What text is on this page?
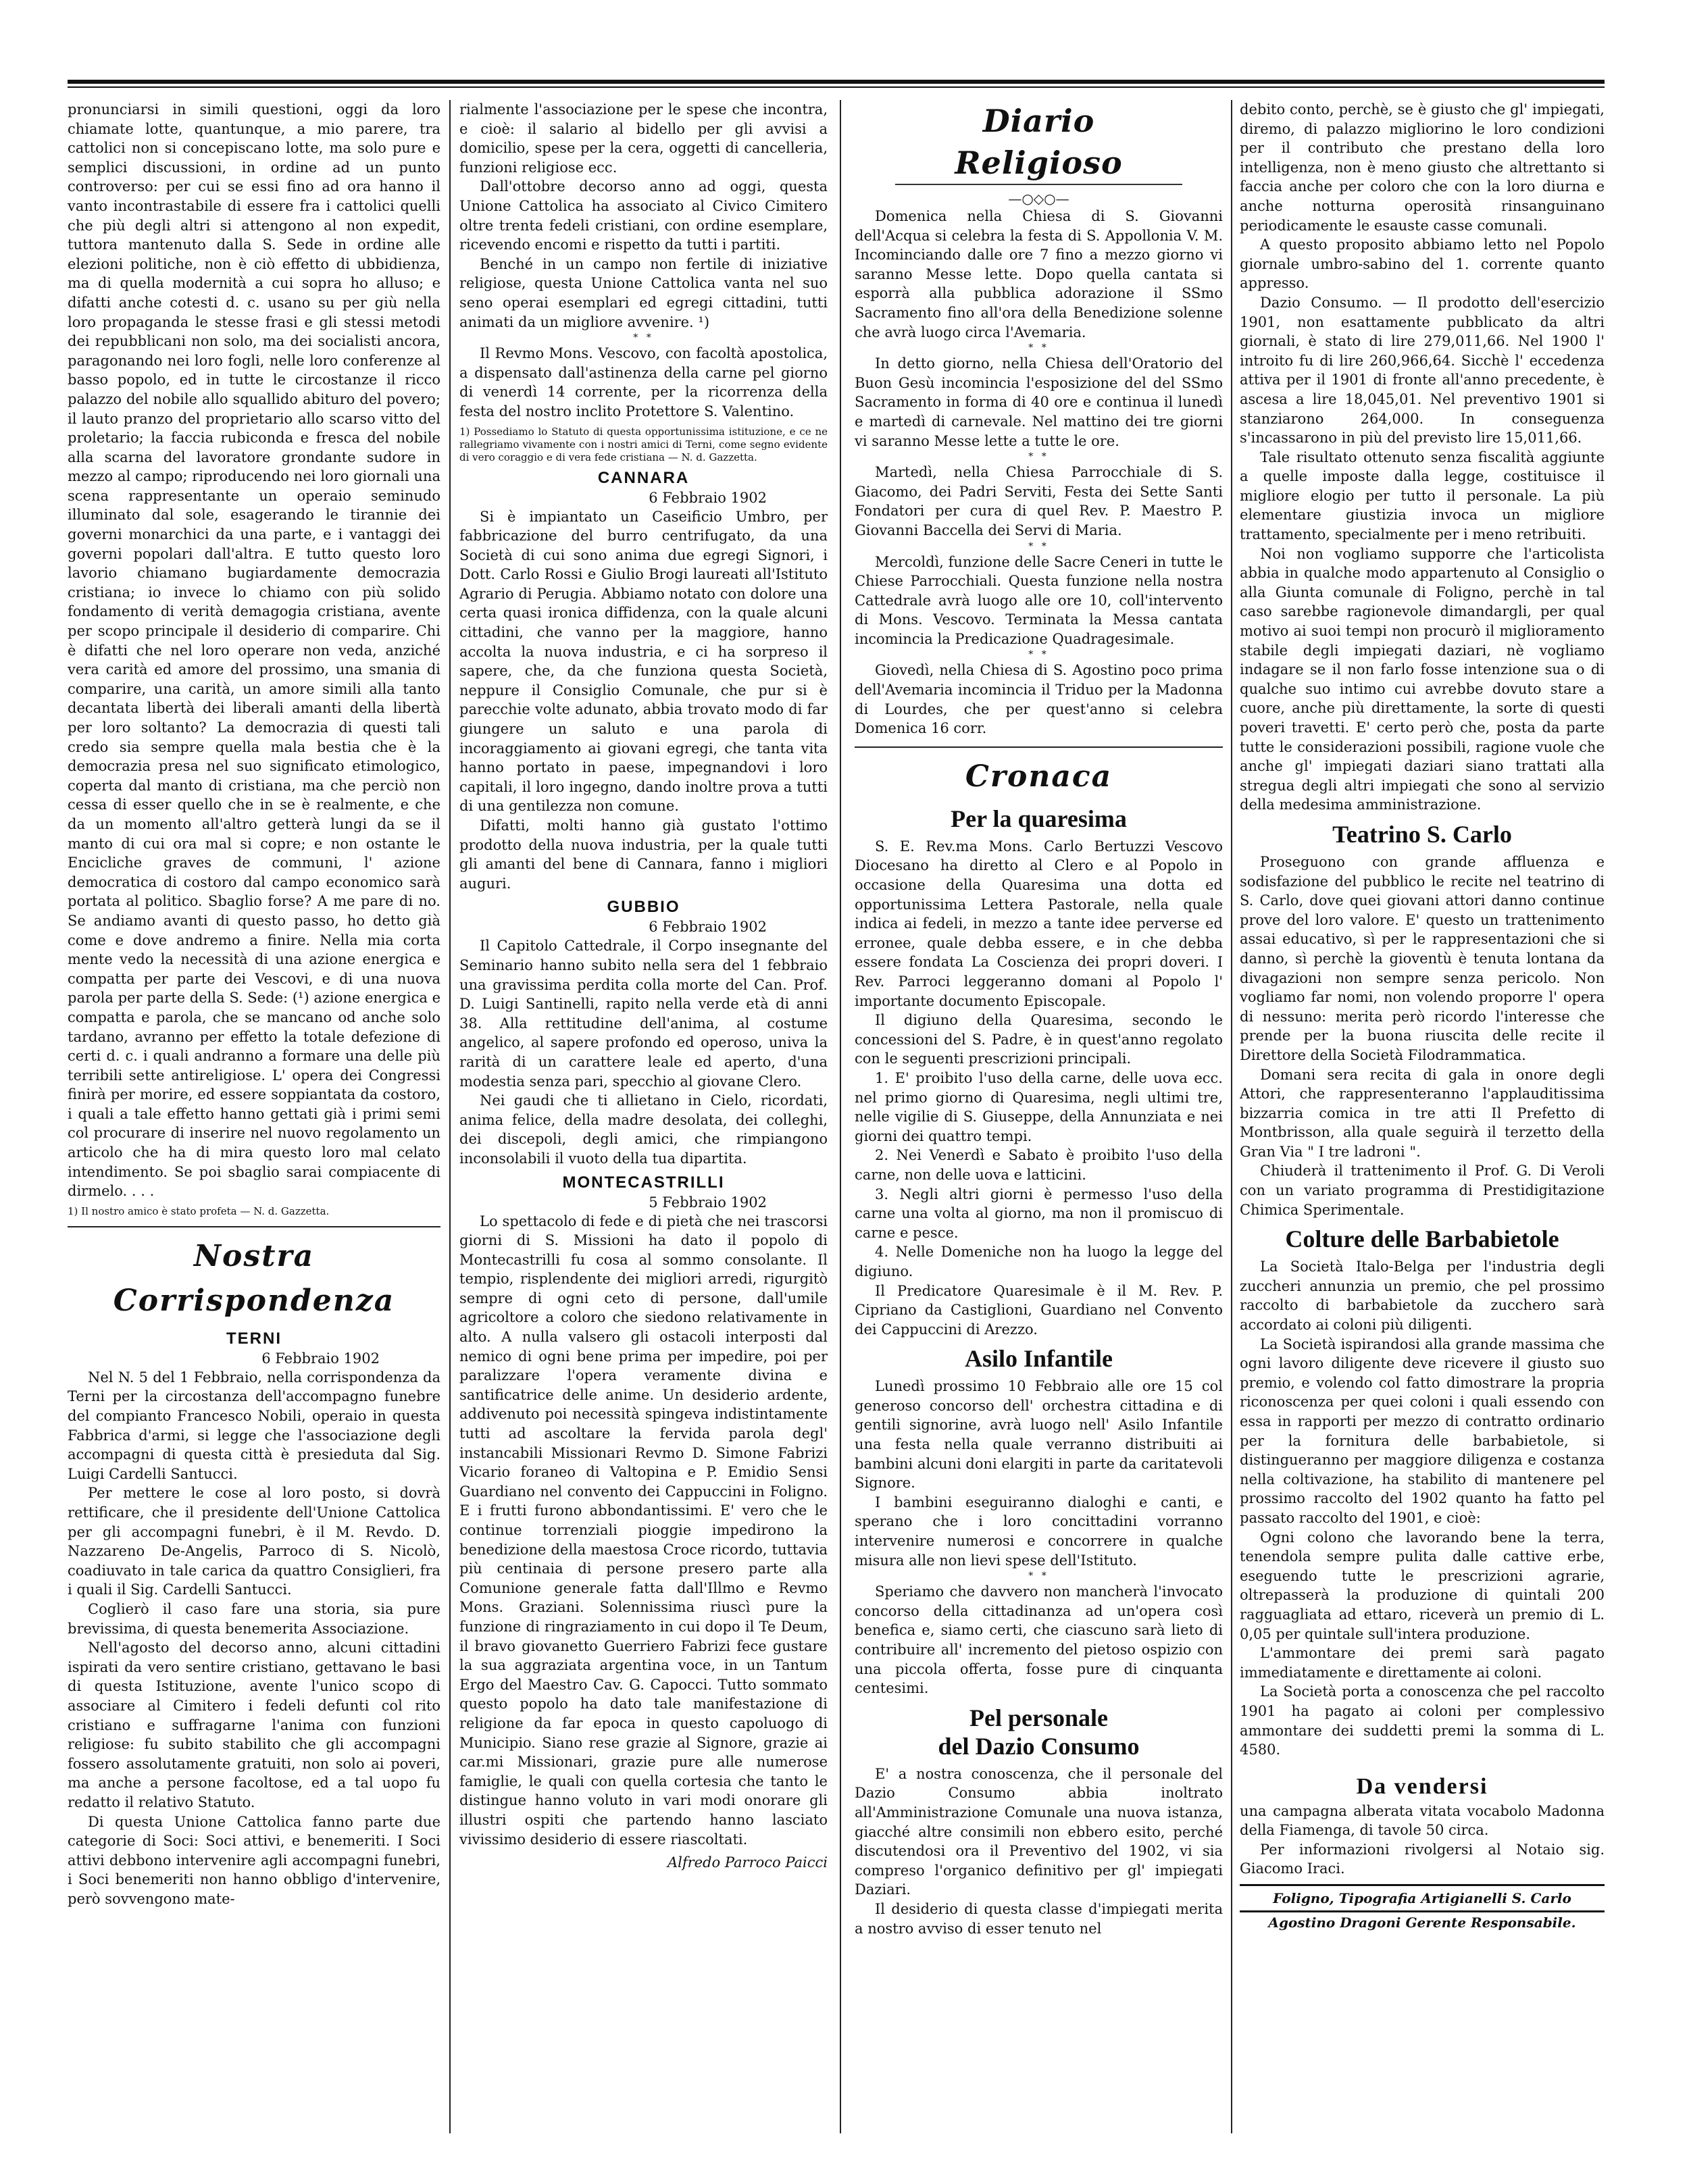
pronunciarsi in simili questioni, oggi da loro chiamate lotte, quantunque, a mio parere, tra cattolici non si concepiscano lotte, ma solo pure e semplici discussioni, in ordine ad un punto controverso: per cui se essi fino ad ora hanno il vanto incontrastabile di essere fra i cattolici quelli che più degli altri si attengono al non expedit, tuttora mantenuto dalla S. Sede in ordine alle elezioni politiche, non è ciò effetto di ubbidienza, ma di quella modernità a cui sopra ho alluso; e difatti anche cotesti d. c. usano su per giù nella loro propaganda le stesse frasi e gli stessi metodi dei repubblicani non solo, ma dei socialisti ancora, paragonando nei loro fogli, nelle loro conferenze al basso popolo, ed in tutte le circostanze il ricco palazzo del nobile allo squallido abituro del povero; il lauto pranzo del proprietario allo scarso vitto del proletario; la faccia rubiconda e fresca del nobile alla scarna del lavoratore grondante sudore in mezzo al campo; riproducendo nei loro giornali una scena rappresentante un operaio seminudo illuminato dal sole, esagerando le tirannie dei governi monarchici da una parte, e i vantaggi dei governi popolari dall'altra. E tutto questo loro lavorio chiamano bugiardamente democrazia cristiana; io invece lo chiamo con più solido fondamento di verità demagogia cristiana, avente per scopo principale il desiderio di comparire. Chi è difatti che nel loro operare non veda, anziché vera carità ed amore del prossimo, una smania di comparire, una carità, un amore simili alla tanto decantata libertà dei liberali amanti della libertà per loro soltanto? La democrazia di questi tali credo sia sempre quella mala bestia che è la democrazia presa nel suo significato etimologico, coperta dal manto di cristiana, ma che perciò non cessa di esser quello che in se è realmente, e che da un momento all'altro getterà lungi da se il manto di cui ora mal si copre; e non ostante le Encicliche graves de communi, l' azione democratica di costoro dal campo economico sarà portata al politico. Sbaglio forse? A me pare di no. Se andiamo avanti di questo passo, ho detto già come e dove andremo a finire. Nella mia corta mente vedo la necessità di una azione energica e compatta per parte dei Vescovi, e di una nuova parola per parte della S. Sede: (¹) azione energica e compatta e parola, che se mancano od anche solo tardano, avranno per effetto la totale defezione di certi d. c. i quali andranno a formare una delle più terribili sette antireligiose. L' opera dei Congressi finirà per morire, ed essere soppiantata da costoro, i quali a tale effetto hanno gettati già i primi semi col procurare di inserire nel nuovo regolamento un articolo che ha di mira questo loro mal celato intendimento. Se poi sbaglio sarai compiacente di dirmelo. . . .

1) Il nostro amico è stato profeta — N. d. Gazzetta.

Nostra Corrispondenza
TERNI
6 Febbraio 1902

Nel N. 5 del 1 Febbraio, nella corrispondenza da Terni per la circostanza dell'accompagno funebre del compianto Francesco Nobili, operaio in questa Fabbrica d'armi, si legge che l'associazione degli accompagni di questa città è presieduta dal Sig. Luigi Cardelli Santucci.

Per mettere le cose al loro posto, si dovrà rettificare, che il presidente dell'Unione Cattolica per gli accompagni funebri, è il M. Revdo. D. Nazzareno De-Angelis, Parroco di S. Nicolò, coadiuvato in tale carica da quattro Consiglieri, fra i quali il Sig. Cardelli Santucci.

Coglierò il caso fare una storia, sia pure brevissima, di questa benemerita Associazione.

Nell'agosto del decorso anno, alcuni cittadini ispirati da vero sentire cristiano, gettavano le basi di questa Istituzione, avente l'unico scopo di associare al Cimitero i fedeli defunti col rito cristiano e suffragarne l'anima con funzioni religiose: fu subito stabilito che gli accompagni fossero assolutamente gratuiti, non solo ai poveri, ma anche a persone facoltose, ed a tal uopo fu redatto il relativo Statuto.

Di questa Unione Cattolica fanno parte due categorie di Soci: Soci attivi, e benemeriti. I Soci attivi debbono intervenire agli accompagni funebri, i Soci benemeriti non hanno obbligo d'intervenire, però sovvengono mate-

rialmente l'associazione per le spese che incontra, e cioè: il salario al bidello per gli avvisi a domicilio, spese per la cera, oggetti di cancelleria, funzioni religiose ecc.

Dall'ottobre decorso anno ad oggi, questa Unione Cattolica ha associato al Civico Cimitero oltre trenta fedeli cristiani, con ordine esemplare, ricevendo encomi e rispetto da tutti i partiti.

Benché in un campo non fertile di iniziative religiose, questa Unione Cattolica vanta nel suo seno operai esemplari ed egregi cittadini, tutti animati da un migliore avvenire. ¹)

* *

Il Revmo Mons. Vescovo, con facoltà apostolica, a dispensato dall'astinenza della carne pel giorno di venerdì 14 corrente, per la ricorrenza della festa del nostro inclito Protettore S. Valentino.

1) Possediamo lo Statuto di questa opportunissima istituzione, e ce ne rallegriamo vivamente con i nostri amici di Terni, come segno evidente di vero coraggio e di vera fede cristiana — N. d. Gazzetta.

CANNARA
6 Febbraio 1902

Si è impiantato un Caseificio Umbro, per fabbricazione del burro centrifugato, da una Società di cui sono anima due egregi Signori, i Dott. Carlo Rossi e Giulio Brogi laureati all'Istituto Agrario di Perugia. Abbiamo notato con dolore una certa quasi ironica diffidenza, con la quale alcuni cittadini, che vanno per la maggiore, hanno accolta la nuova industria, e ci ha sorpreso il sapere, che, da che funziona questa Società, neppure il Consiglio Comunale, che pur si è parecchie volte adunato, abbia trovato modo di far giungere un saluto e una parola di incoraggiamento ai giovani egregi, che tanta vita hanno portato in paese, impegnandovi i loro capitali, il loro ingegno, dando inoltre prova a tutti di una gentilezza non comune.

Difatti, molti hanno già gustato l'ottimo prodotto della nuova industria, per la quale tutti gli amanti del bene di Cannara, fanno i migliori auguri.

GUBBIO
6 Febbraio 1902

Il Capitolo Cattedrale, il Corpo insegnante del Seminario hanno subito nella sera del 1 febbraio una gravissima perdita colla morte del Can. Prof. D. Luigi Santinelli, rapito nella verde età di anni 38. Alla rettitudine dell'anima, al costume angelico, al sapere profondo ed operoso, univa la rarità di un carattere leale ed aperto, d'una modestia senza pari, specchio al giovane Clero.

Nei gaudi che ti allietano in Cielo, ricordati, anima felice, della madre desolata, dei colleghi, dei discepoli, degli amici, che rimpiangono inconsolabili il vuoto della tua dipartita.

MONTECASTRILLI
5 Febbraio 1902

Lo spettacolo di fede e di pietà che nei trascorsi giorni di S. Missioni ha dato il popolo di Montecastrilli fu cosa al sommo consolante. Il tempio, risplendente dei migliori arredi, rigurgitò sempre di ogni ceto di persone, dall'umile agricoltore a coloro che siedono relativamente in alto. A nulla valsero gli ostacoli interposti dal nemico di ogni bene prima per impedire, poi per paralizzare l'opera veramente divina e santificatrice delle anime. Un desiderio ardente, addivenuto poi necessità spingeva indistintamente tutti ad ascoltare la fervida parola degl' instancabili Missionari Revmo D. Simone Fabrizi Vicario foraneo di Valtopina e P. Emidio Sensi Guardiano nel convento dei Cappuccini in Foligno. E i frutti furono abbondantissimi. E' vero che le continue torrenziali pioggie impedirono la benedizione della maestosa Croce ricordo, tuttavia più centinaia di persone presero parte alla Comunione generale fatta dall'Illmo e Revmo Mons. Graziani. Solennissima riuscì pure la funzione di ringraziamento in cui dopo il Te Deum, il bravo giovanetto Guerriero Fabrizi fece gustare la sua aggraziata argentina voce, in un Tantum Ergo del Maestro Cav. G. Capocci. Tutto sommato questo popolo ha dato tale manifestazione di religione da far epoca in questo capoluogo di Municipio. Siano rese grazie al Signore, grazie ai car.mi Missionari, grazie pure alle numerose famiglie, le quali con quella cortesia che tanto le distingue hanno voluto in vari modi onorare gli illustri ospiti che partendo hanno lasciato vivissimo desiderio di essere riascoltati.

Alfredo Parroco Paicci
Diario Religioso
—○◇○—

Domenica nella Chiesa di S. Giovanni dell'Acqua si celebra la festa di S. Appollonia V. M. Incominciando dalle ore 7 fino a mezzo giorno vi saranno Messe lette. Dopo quella cantata si esporrà alla pubblica adorazione il SSmo Sacramento fino all'ora della Benedizione solenne che avrà luogo circa l'Avemaria.

* *

In detto giorno, nella Chiesa dell'Oratorio del Buon Gesù incomincia l'esposizione del del SSmo Sacramento in forma di 40 ore e continua il lunedì e martedì di carnevale. Nel mattino dei tre giorni vi saranno Messe lette a tutte le ore.

* *

Martedì, nella Chiesa Parrocchiale di S. Giacomo, dei Padri Serviti, Festa dei Sette Santi Fondatori per cura di quel Rev. P. Maestro P. Giovanni Baccella dei Servi di Maria.

* *

Mercoldì, funzione delle Sacre Ceneri in tutte le Chiese Parrocchiali. Questa funzione nella nostra Cattedrale avrà luogo alle ore 10, coll'intervento di Mons. Vescovo. Terminata la Messa cantata incomincia la Predicazione Quadragesimale.

* *

Giovedì, nella Chiesa di S. Agostino poco prima dell'Avemaria incomincia il Triduo per la Madonna di Lourdes, che per quest'anno si celebra Domenica 16 corr.

Cronaca
Per la quaresima

S. E. Rev.ma Mons. Carlo Bertuzzi Vescovo Diocesano ha diretto al Clero e al Popolo in occasione della Quaresima una dotta ed opportunissima Lettera Pastorale, nella quale indica ai fedeli, in mezzo a tante idee perverse ed erronee, quale debba essere, e in che debba essere fondata La Coscienza dei propri doveri. I Rev. Parroci leggeranno domani al Popolo l' importante documento Episcopale.

Il digiuno della Quaresima, secondo le concessioni del S. Padre, è in quest'anno regolato con le seguenti prescrizioni principali.

1. E' proibito l'uso della carne, delle uova ecc. nel primo giorno di Quaresima, negli ultimi tre, nelle vigilie di S. Giuseppe, della Annunziata e nei giorni dei quattro tempi.

2. Nei Venerdì e Sabato è proibito l'uso della carne, non delle uova e latticini.

3. Negli altri giorni è permesso l'uso della carne una volta al giorno, ma non il promiscuo di carne e pesce.

4. Nelle Domeniche non ha luogo la legge del digiuno.

Il Predicatore Quaresimale è il M. Rev. P. Cipriano da Castiglioni, Guardiano nel Convento dei Cappuccini di Arezzo.

Asilo Infantile

Lunedì prossimo 10 Febbraio alle ore 15 col generoso concorso dell' orchestra cittadina e di gentili signorine, avrà luogo nell' Asilo Infantile una festa nella quale verranno distribuiti ai bambini alcuni doni elargiti in parte da caritatevoli Signore.

I bambini eseguiranno dialoghi e canti, e sperano che i loro concittadini vorranno intervenire numerosi e concorrere in qualche misura alle non lievi spese dell'Istituto.

* *

Speriamo che davvero non mancherà l'invocato concorso della cittadinanza ad un'opera così benefica e, siamo certi, che ciascuno sarà lieto di contribuire all' incremento del pietoso ospizio con una piccola offerta, fosse pure di cinquanta centesimi.

Pel personale
del Dazio Consumo

E' a nostra conoscenza, che il personale del Dazio Consumo abbia inoltrato all'Amministrazione Comunale una nuova istanza, giacché altre consimili non ebbero esito, perché discutendosi ora il Preventivo del 1902, vi sia compreso l'organico definitivo per gl' impiegati Daziari.

Il desiderio di questa classe d'impiegati merita a nostro avviso di esser tenuto nel

debito conto, perchè, se è giusto che gl' impiegati, diremo, di palazzo migliorino le loro condizioni per il contributo che prestano della loro intelligenza, non è meno giusto che altrettanto si faccia anche per coloro che con la loro diurna e anche notturna operosità rinsanguinano periodicamente le esauste casse comunali.

A questo proposito abbiamo letto nel Popolo giornale umbro-sabino del 1. corrente quanto appresso.

Dazio Consumo. — Il prodotto dell'esercizio 1901, non esattamente pubblicato da altri giornali, è stato di lire 279,011,66. Nel 1900 l' introito fu di lire 260,966,64. Sicchè l' eccedenza attiva per il 1901 di fronte all'anno precedente, è ascesa a lire 18,045,01. Nel preventivo 1901 si stanziarono 264,000. In conseguenza s'incassarono in più del previsto lire 15,011,66.

Tale risultato ottenuto senza fiscalità aggiunte a quelle imposte dalla legge, costituisce il migliore elogio per tutto il personale. La più elementare giustizia invoca un migliore trattamento, specialmente per i meno retribuiti.

Noi non vogliamo supporre che l'articolista abbia in qualche modo appartenuto al Consiglio o alla Giunta comunale di Foligno, perchè in tal caso sarebbe ragionevole dimandargli, per qual motivo ai suoi tempi non procurò il miglioramento stabile degli impiegati daziari, nè vogliamo indagare se il non farlo fosse intenzione sua o di qualche suo intimo cui avrebbe dovuto stare a cuore, anche più direttamente, la sorte di questi poveri travetti. E' certo però che, posta da parte tutte le considerazioni possibili, ragione vuole che anche gl' impiegati daziari siano trattati alla stregua degli altri impiegati che sono al servizio della medesima amministrazione.

Teatrino S. Carlo

Proseguono con grande affluenza e sodisfazione del pubblico le recite nel teatrino di S. Carlo, dove quei giovani attori danno continue prove del loro valore. E' questo un trattenimento assai educativo, sì per le rappresentazioni che si danno, sì perchè la gioventù è tenuta lontana da divagazioni non sempre senza pericolo. Non vogliamo far nomi, non volendo proporre l' opera di nessuno: merita però ricordo l'interesse che prende per la buona riuscita delle recite il Direttore della Società Filodrammatica.

Domani sera recita di gala in onore degli Attori, che rappresenteranno l'applauditissima bizzarria comica in tre atti Il Prefetto di Montbrisson, alla quale seguirà il terzetto della Gran Via " I tre ladroni ".

Chiuderà il trattenimento il Prof. G. Di Veroli con un variato programma di Prestidigitazione Chimica Sperimentale.

Colture delle Barbabietole

La Società Italo-Belga per l'industria degli zuccheri annunzia un premio, che pel prossimo raccolto di barbabietole da zucchero sarà accordato ai coloni più diligenti.

La Società ispirandosi alla grande massima che ogni lavoro diligente deve ricevere il giusto suo premio, e volendo col fatto dimostrare la propria riconoscenza per quei coloni i quali essendo con essa in rapporti per mezzo di contratto ordinario per la fornitura delle barbabietole, si distingueranno per maggiore diligenza e costanza nella coltivazione, ha stabilito di mantenere pel prossimo raccolto del 1902 quanto ha fatto pel passato raccolto del 1901, e cioè:

Ogni colono che lavorando bene la terra, tenendola sempre pulita dalle cattive erbe, eseguendo tutte le prescrizioni agrarie, oltrepasserà la produzione di quintali 200 ragguagliata ad ettaro, riceverà un premio di L. 0,05 per quintale sull'intera produzione.

L'ammontare dei premi sarà pagato immediatamente e direttamente ai coloni.

La Società porta a conoscenza che pel raccolto 1901 ha pagato ai coloni per complessivo ammontare dei suddetti premi la somma di L. 4580.

Da vendersi

una campagna alberata vitata vocabolo Madonna della Fiamenga, di tavole 50 circa.

Per informazioni rivolgersi al Notaio sig. Giacomo Iraci.

Foligno, Tipografia Artigianelli S. Carlo
Agostino Dragoni Gerente Responsabile.
